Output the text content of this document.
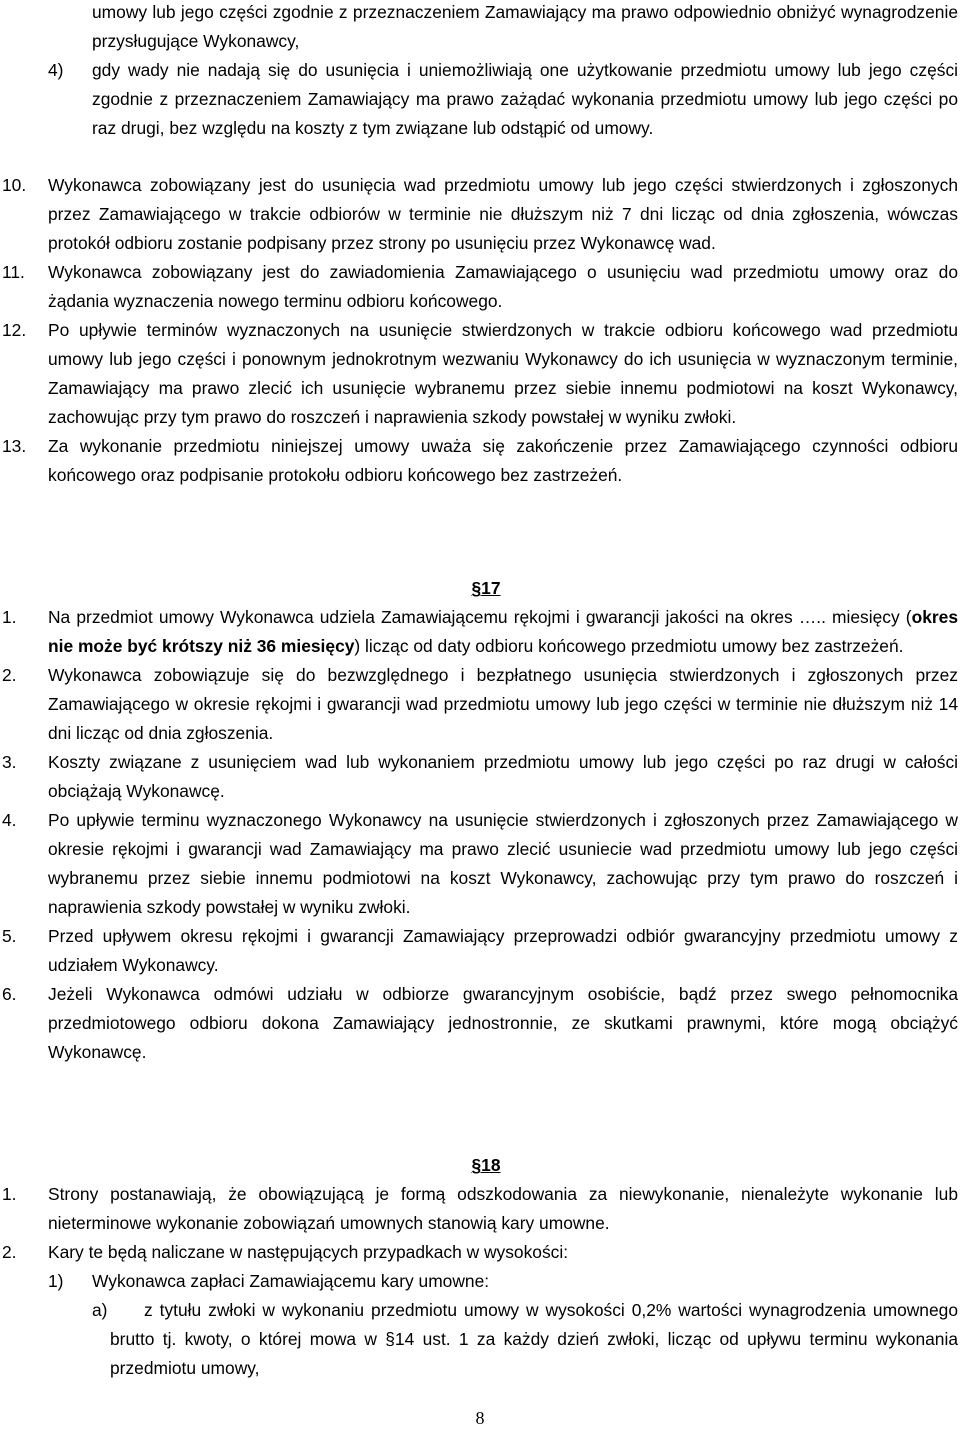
umowy lub jego części zgodnie z przeznaczeniem Zamawiający ma prawo odpowiednio obniżyć wynagrodzenie przysługujące Wykonawcy,
4) gdy wady nie nadają się do usunięcia i uniemożliwiają one użytkowanie przedmiotu umowy lub jego części zgodnie z przeznaczeniem Zamawiający ma prawo zażądać wykonania przedmiotu umowy lub jego części po raz drugi, bez względu na koszty z tym związane lub odstąpić od umowy.
10. Wykonawca zobowiązany jest do usunięcia wad przedmiotu umowy lub jego części stwierdzonych i zgłoszonych przez Zamawiającego w trakcie odbiorów w terminie nie dłuższym niż 7 dni licząc od dnia zgłoszenia, wówczas protokół odbioru zostanie podpisany przez strony po usunięciu przez Wykonawcę wad.
11. Wykonawca zobowiązany jest do zawiadomienia Zamawiającego o usunięciu wad przedmiotu umowy oraz do żądania wyznaczenia nowego terminu odbioru końcowego.
12. Po upływie terminów wyznaczonych na usunięcie stwierdzonych w trakcie odbioru końcowego wad przedmiotu umowy lub jego części i ponownym jednokrotnym wezwaniu Wykonawcy do ich usunięcia w wyznaczonym terminie, Zamawiający ma prawo zlecić ich usunięcie wybranemu przez siebie innemu podmiotowi na koszt Wykonawcy, zachowując przy tym prawo do roszczeń i naprawienia szkody powstałej w wyniku zwłoki.
13. Za wykonanie przedmiotu niniejszej umowy uważa się zakończenie przez Zamawiającego czynności odbioru końcowego oraz podpisanie protokołu odbioru końcowego bez zastrzeżeń.
§17
1. Na przedmiot umowy Wykonawca udziela Zamawiającemu rękojmi i gwarancji jakości na okres ….. miesięcy (okres nie może być krótszy niż 36 miesięcy) licząc od daty odbioru końcowego przedmiotu umowy bez zastrzeżeń.
2. Wykonawca zobowiązuje się do bezwzględnego i bezpłatnego usunięcia stwierdzonych i zgłoszonych przez Zamawiającego w okresie rękojmi i gwarancji wad przedmiotu umowy lub jego części w terminie nie dłuższym niż 14 dni licząc od dnia zgłoszenia.
3. Koszty związane z usunięciem wad lub wykonaniem przedmiotu umowy lub jego części po raz drugi w całości obciążają Wykonawcę.
4. Po upływie terminu wyznaczonego Wykonawcy na usunięcie stwierdzonych i zgłoszonych przez Zamawiającego w okresie rękojmi i gwarancji wad Zamawiający ma prawo zlecić usuniecie wad przedmiotu umowy lub jego części wybranemu przez siebie innemu podmiotowi na koszt Wykonawcy, zachowując przy tym prawo do roszczeń i naprawienia szkody powstałej w wyniku zwłoki.
5. Przed upływem okresu rękojmi i gwarancji Zamawiający przeprowadzi odbiór gwarancyjny przedmiotu umowy z udziałem Wykonawcy.
6. Jeżeli Wykonawca odmówi udziału w odbiorze gwarancyjnym osobiście, bądź przez swego pełnomocnika przedmiotowego odbioru dokona Zamawiający jednostronnie, ze skutkami prawnymi, które mogą obciążyć Wykonawcę.
§18
1. Strony postanawiają, że obowiązującą je formą odszkodowania za niewykonanie, nienależyte wykonanie lub nieterminowe wykonanie zobowiązań umownych stanowią kary umowne.
2. Kary te będą naliczane w następujących przypadkach w wysokości:
1) Wykonawca zapłaci Zamawiającemu kary umowne:
a) z tytułu zwłoki w wykonaniu przedmiotu umowy w wysokości 0,2% wartości wynagrodzenia umownego brutto tj. kwoty, o której mowa w §14 ust. 1 za każdy dzień zwłoki, licząc od upływu terminu wykonania przedmiotu umowy,
8
